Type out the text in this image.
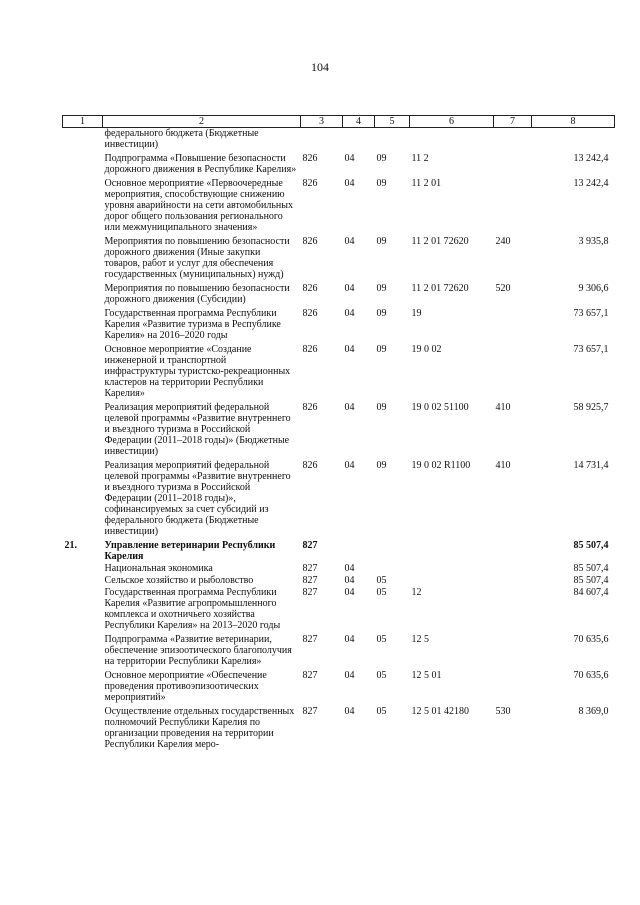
104
1	2	3	4	5	6	7	8
	федерального бюджета (Бюджетные инвестиции)						
	Подпрограмма «Повышение безопасности дорожного движения в Республике Карелия»	826	04	09	11 2		13 242,4
	Основное мероприятие «Первоочередные мероприятия, способствующие снижению уровня аварийности на сети автомобильных дорог общего пользования регионального или межмуниципального значения»	826	04	09	11 2 01		13 242,4
	Мероприятия по повышению безопасности дорожного движения (Иные закупки товаров, работ и услуг для обеспечения государственных (муниципальных) нужд)	826	04	09	11 2 01 72620	240	3 935,8
	Мероприятия по повышению безопасности дорожного движения (Субсидии)	826	04	09	11 2 01 72620	520	9 306,6
	Государственная программа Республики Карелия «Развитие туризма в Республике Карелия» на 2016–2020 годы	826	04	09	19		73 657,1
	Основное мероприятие «Создание инженерной и транспортной инфраструктуры туристско-рекреационных кластеров на территории Республики Карелия»	826	04	09	19 0 02		73 657,1
	Реализация мероприятий федеральной целевой программы «Развитие внутреннего и въездного туризма в Российской Федерации (2011–2018 годы)» (Бюджетные инвестиции)	826	04	09	19 0 02 51100	410	58 925,7
	Реализация мероприятий федеральной целевой программы «Развитие внутреннего и въездного туризма в Российской Федерации (2011–2018 годы)», софинансируемых за счет субсидий из федерального бюджета (Бюджетные инвестиции)	826	04	09	19 0 02 R1100	410	14 731,4
21.	Управление ветеринарии Республики Карелия	827					85 507,4
	Национальная экономика	827	04				85 507,4
	Сельское хозяйство и рыболовство	827	04	05			85 507,4
	Государственная программа Республики Карелия «Развитие агропромышленного комплекса и охотничьего хозяйства Республики Карелия» на 2013–2020 годы	827	04	05	12		84 607,4
	Подпрограмма «Развитие ветеринарии, обеспечение эпизоотического благополучия на территории Республики Карелия»	827	04	05	12 5		70 635,6
	Основное мероприятие «Обеспечение проведения противоэпизоотических мероприятий»	827	04	05	12 5 01		70 635,6
	Осуществление отдельных государственных полномочий Республики Карелия по организации проведения на территории Республики Карелия меро-	827	04	05	12 5 01 42180	530	8 369,0
